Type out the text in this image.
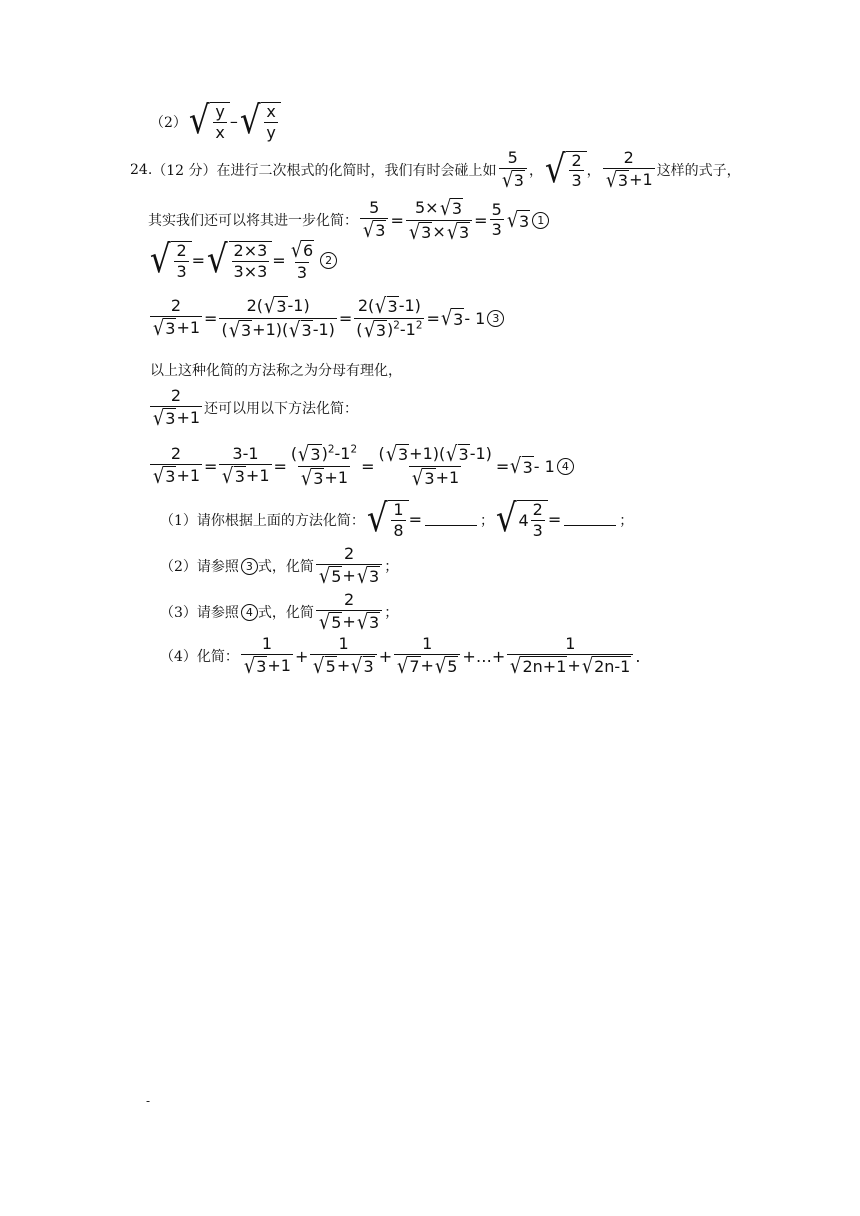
（2） √ $\frac{y}{x}$ – √ $\frac{x}{y}$
24. （12 分） 在进行二次根式的化简时，我们有时会碰上如 $\frac{5}{√ 3}$ ， √ $\frac{2}{3}$ ， $\frac{2}{√ 3 +1}$ 这样的式子，
其实我们还可以将其进一步化简： $\frac{5}{√ 3} = \frac{5\times √ 3}{√ 3 \times √ 3} = \frac{5}{3}$ √ 3 1
√ $\frac{2}{3}$ = √ $\frac{2\times 3}{3\times 3} = \frac{√ 6}{3} 2$
$\frac{2}{√ 3 +1} = \frac{2( √ 3 -1)}{( √ 3 +1)( √ 3 -1)} = \frac{2( √ 3 -1)}{( √ 3 )^2-1^2}$ = √ 3 - 1 3
以上这种化简的方法称之为分母有理化，
$\frac{2}{√ 3 +1}$ 还可以用以下方法化简：
$\frac{2}{√ 3 +1} = \frac{3-1}{√ 3 +1} = \frac{( √ 3 )^2-1^2}{√ 3 +1} = \frac{( √ 3 +1)( √ 3 -1)}{√ 3 +1}$ = √ 3 - 1 4
（1）请你根据上面的方法化简： √ $\frac{1}{8}$ =	； √ $4 \frac{2}{3}$ =	；
（2）请参照 3 式，化简 $\frac{2}{√ 5 + √ 3}$ ；
（3）请参照 4 式，化简 $\frac{2}{√ 5 + √ 3}$ ；
（4）化简： $\frac{1}{√ 3 +1} + \frac{1}{√ 5 + √ 3} + \frac{1}{√ 7 + √ 5}$ +…+ $\frac{1}{√ 2n+1 + √ 2n-1}$ .
-
